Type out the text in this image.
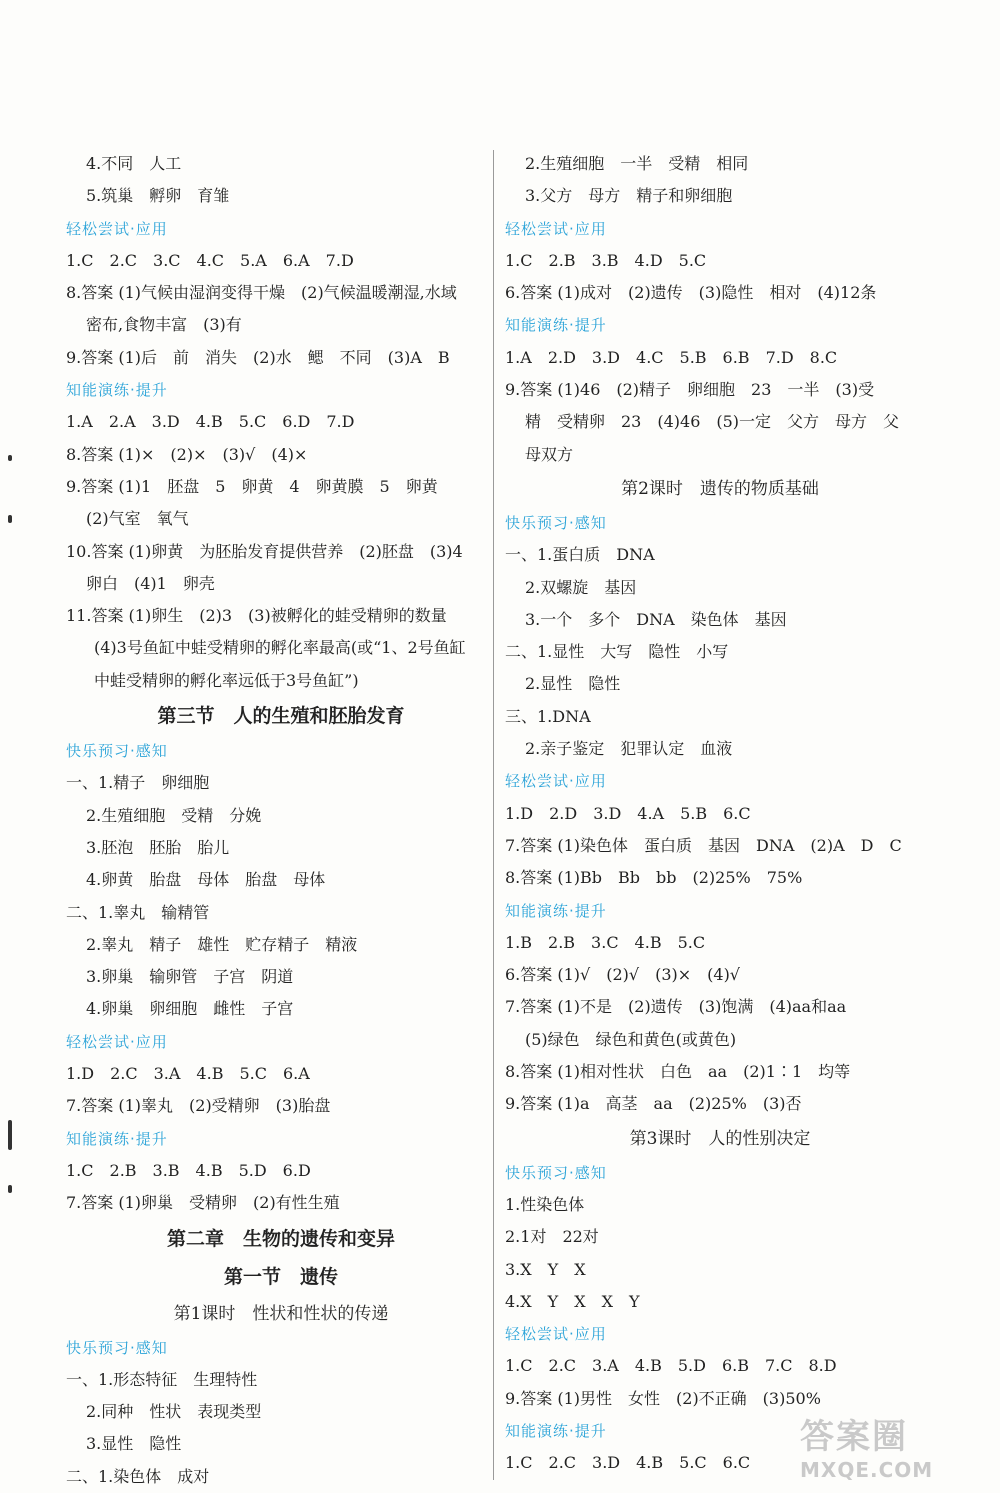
4.不同　人工
5.筑巢　孵卵　育雏
轻松尝试·应用
1.C　2.C　3.C　4.C　5.A　6.A　7.D
8.答案 (1)气候由湿润变得干燥　(2)气候温暖潮湿,水域
密布,食物丰富　(3)有
9.答案 (1)后　前　消失　(2)水　鳃　不同　(3)A　B
知能演练·提升
1.A　2.A　3.D　4.B　5.C　6.D　7.D
8.答案 (1)×　(2)×　(3)√　(4)×
9.答案 (1)1　胚盘　5　卵黄　4　卵黄膜　5　卵黄
(2)气室　氧气
10.答案 (1)卵黄　为胚胎发育提供营养　(2)胚盘　(3)4
卵白　(4)1　卵壳
11.答案 (1)卵生　(2)3　(3)被孵化的蛙受精卵的数量
(4)3号鱼缸中蛙受精卵的孵化率最高(或“1、2号鱼缸
中蛙受精卵的孵化率远低于3号鱼缸”)
第三节　人的生殖和胚胎发育
快乐预习·感知
一、1.精子　卵细胞
2.生殖细胞　受精　分娩
3.胚泡　胚胎　胎儿
4.卵黄　胎盘　母体　胎盘　母体
二、1.睾丸　输精管
2.睾丸　精子　雄性　贮存精子　精液
3.卵巢　输卵管　子宫　阴道
4.卵巢　卵细胞　雌性　子宫
轻松尝试·应用
1.D　2.C　3.A　4.B　5.C　6.A
7.答案 (1)睾丸　(2)受精卵　(3)胎盘
知能演练·提升
1.C　2.B　3.B　4.B　5.D　6.D
7.答案 (1)卵巢　受精卵　(2)有性生殖
第二章　生物的遗传和变异
第一节　遗传
第1课时　性状和性状的传递
快乐预习·感知
一、1.形态特征　生理特性
2.同种　性状　表现类型
3.显性　隐性
二、1.染色体　成对
2.生殖细胞　一半　受精　相同
3.父方　母方　精子和卵细胞
轻松尝试·应用
1.C　2.B　3.B　4.D　5.C
6.答案 (1)成对　(2)遗传　(3)隐性　相对　(4)12条
知能演练·提升
1.A　2.D　3.D　4.C　5.B　6.B　7.D　8.C
9.答案 (1)46　(2)精子　卵细胞　23　一半　(3)受
精　受精卵　23　(4)46　(5)一定　父方　母方　父
母双方
第2课时　遗传的物质基础
快乐预习·感知
一、1.蛋白质　DNA
2.双螺旋　基因
3.一个　多个　DNA　染色体　基因
二、1.显性　大写　隐性　小写
2.显性　隐性
三、1.DNA
2.亲子鉴定　犯罪认定　血液
轻松尝试·应用
1.D　2.D　3.D　4.A　5.B　6.C
7.答案 (1)染色体　蛋白质　基因　DNA　(2)A　D　C
8.答案 (1)Bb　Bb　bb　(2)25%　75%
知能演练·提升
1.B　2.B　3.C　4.B　5.C
6.答案 (1)√　(2)√　(3)×　(4)√
7.答案 (1)不是　(2)遗传　(3)饱满　(4)aa和aa
(5)绿色　绿色和黄色(或黄色)
8.答案 (1)相对性状　白色　aa　(2)1∶1　均等
9.答案 (1)a　高茎　aa　(2)25%　(3)否
第3课时　人的性别决定
快乐预习·感知
1.性染色体
2.1对　22对
3.X　Y　X
4.X　Y　X　X　Y
轻松尝试·应用
1.C　2.C　3.A　4.B　5.D　6.B　7.C　8.D
9.答案 (1)男性　女性　(2)不正确　(3)50%
知能演练·提升
1.C　2.C　3.D　4.B　5.C　6.C
答案圈
MXQE.COM
